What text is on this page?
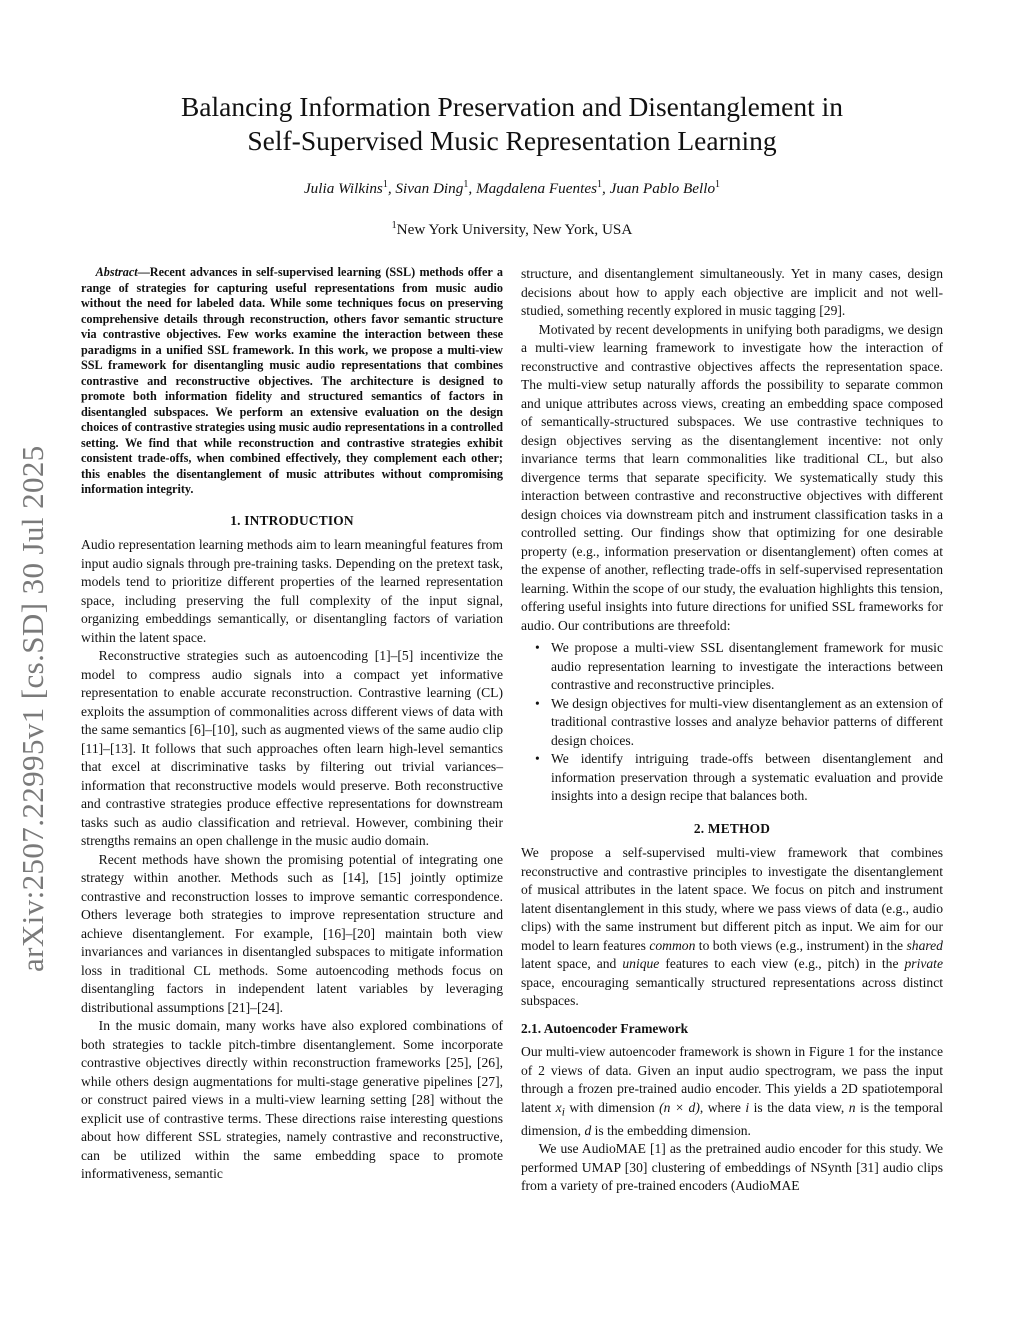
arXiv:2507.22995v1 [cs.SD] 30 Jul 2025
Balancing Information Preservation and Disentanglement in
Self-Supervised Music Representation Learning
Julia Wilkins$^1$, Sivan Ding$^1$, Magdalena Fuentes$^1$, Juan Pablo Bello$^1$
$^1$New York University, New York, USA

Abstract—Recent advances in self-supervised learning (SSL) methods offer a range of strategies for capturing useful representations from music audio without the need for labeled data. While some techniques focus on preserving comprehensive details through reconstruction, others favor semantic structure via contrastive objectives. Few works examine the interaction between these paradigms in a unified SSL framework. In this work, we propose a multi-view SSL framework for disentangling music audio representations that combines contrastive and reconstructive objectives. The architecture is designed to promote both information fidelity and structured semantics of factors in disentangled subspaces. We perform an extensive evaluation on the design choices of contrastive strategies using music audio representations in a controlled setting. We find that while reconstruction and contrastive strategies exhibit consistent trade-offs, when combined effectively, they complement each other; this enables the disentanglement of music attributes without compromising information integrity.

1. INTRODUCTION

Audio representation learning methods aim to learn meaningful features from input audio signals through pre-training tasks. Depending on the pretext task, models tend to prioritize different properties of the learned representation space, including preserving the full complexity of the input signal, organizing embeddings semantically, or disentangling factors of variation within the latent space.

Reconstructive strategies such as autoencoding [1]–[5] incentivize the model to compress audio signals into a compact yet informative representation to enable accurate reconstruction. Contrastive learning (CL) exploits the assumption of commonalities across different views of data with the same semantics [6]–[10], such as augmented views of the same audio clip [11]–[13]. It follows that such approaches often learn high-level semantics that excel at discriminative tasks by filtering out trivial variances–information that reconstructive models would preserve. Both reconstructive and contrastive strategies produce effective representations for downstream tasks such as audio classification and retrieval. However, combining their strengths remains an open challenge in the music audio domain.

Recent methods have shown the promising potential of integrating one strategy within another. Methods such as [14], [15] jointly optimize contrastive and reconstruction losses to improve semantic correspondence. Others leverage both strategies to improve representation structure and achieve disentanglement. For example, [16]–[20] maintain both view invariances and variances in disentangled subspaces to mitigate information loss in traditional CL methods. Some autoencoding methods focus on disentangling factors in independent latent variables by leveraging distributional assumptions [21]–[24].

In the music domain, many works have also explored combinations of both strategies to tackle pitch-timbre disentanglement. Some incorporate contrastive objectives directly within reconstruction frameworks [25], [26], while others design augmentations for multi-stage generative pipelines [27], or construct paired views in a multi-view learning setting [28] without the explicit use of contrastive terms. These directions raise interesting questions about how different SSL strategies, namely contrastive and reconstructive, can be utilized within the same embedding space to promote informativeness, semantic

structure, and disentanglement simultaneously. Yet in many cases, design decisions about how to apply each objective are implicit and not well-studied, something recently explored in music tagging [29].

Motivated by recent developments in unifying both paradigms, we design a multi-view learning framework to investigate how the interaction of reconstructive and contrastive objectives affects the representation space. The multi-view setup naturally affords the possibility to separate common and unique attributes across views, creating an embedding space composed of semantically-structured subspaces. We use contrastive techniques to design objectives serving as the disentanglement incentive: not only invariance terms that learn commonalities like traditional CL, but also divergence terms that separate specificity. We systematically study this interaction between contrastive and reconstructive objectives with different design choices via downstream pitch and instrument classification tasks in a controlled setting. Our findings show that optimizing for one desirable property (e.g., information preservation or disentanglement) often comes at the expense of another, reflecting trade-offs in self-supervised representation learning. Within the scope of our study, the evaluation highlights this tension, offering useful insights into future directions for unified SSL frameworks for audio. Our contributions are threefold:

• We propose a multi-view SSL disentanglement framework for music audio representation learning to investigate the interactions between contrastive and reconstructive principles.
• We design objectives for multi-view disentanglement as an extension of traditional contrastive losses and analyze behavior patterns of different design choices.
• We identify intriguing trade-offs between disentanglement and information preservation through a systematic evaluation and provide insights into a design recipe that balances both.
2. METHOD

We propose a self-supervised multi-view framework that combines reconstructive and contrastive principles to investigate the disentanglement of musical attributes in the latent space. We focus on pitch and instrument latent disentanglement in this study, where we pass views of data (e.g., audio clips) with the same instrument but different pitch as input. We aim for our model to learn features common to both views (e.g., instrument) in the shared latent space, and unique features to each view (e.g., pitch) in the private space, encouraging semantically structured representations across distinct subspaces.

2.1. Autoencoder Framework

Our multi-view autoencoder framework is shown in Figure 1 for the instance of 2 views of data. Given an input audio spectrogram, we pass the input through a frozen pre-trained audio encoder. This yields a 2D spatiotemporal latent $x_i$ with dimension (n × d), where i is the data view, n is the temporal dimension, d is the embedding dimension.

We use AudioMAE [1] as the pretrained audio encoder for this study. We performed UMAP [30] clustering of embeddings of NSynth [31] audio clips from a variety of pre-trained encoders (AudioMAE
